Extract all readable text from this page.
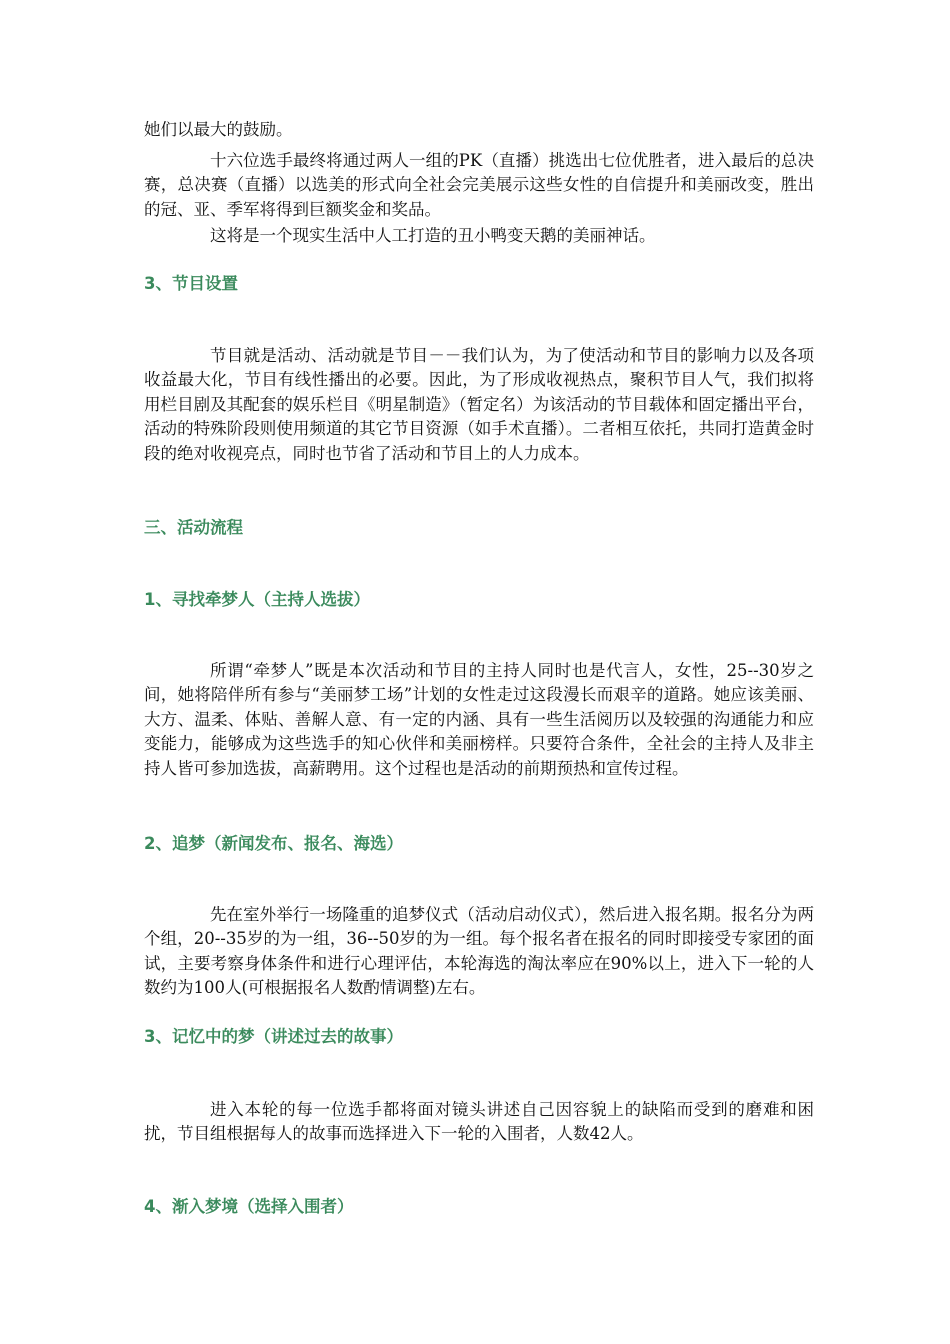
她们以最大的鼓励。

十六位选手最终将通过两人一组的PK（直播）挑选出七位优胜者，进入最后的总决赛，总决赛（直播）以选美的形式向全社会完美展示这些女性的自信提升和美丽改变，胜出的冠、亚、季军将得到巨额奖金和奖品。

这将是一个现实生活中人工打造的丑小鸭变天鹅的美丽神话。

3、节目设置

节目就是活动、活动就是节目－－我们认为，为了使活动和节目的影响力以及各项收益最大化，节目有线性播出的必要。因此，为了形成收视热点，聚积节目人气，我们拟将用栏目剧及其配套的娱乐栏目《明星制造》（暂定名）为该活动的节目载体和固定播出平台，活动的特殊阶段则使用频道的其它节目资源（如手术直播）。二者相互依托，共同打造黄金时段的绝对收视亮点，同时也节省了活动和节目上的人力成本。

三、活动流程
1、寻找牵梦人（主持人选拔）

所谓“牵梦人”既是本次活动和节目的主持人同时也是代言人，女性，25--30岁之间，她将陪伴所有参与“美丽梦工场”计划的女性走过这段漫长而艰辛的道路。她应该美丽、大方、温柔、体贴、善解人意、有一定的内涵、具有一些生活阅历以及较强的沟通能力和应变能力，能够成为这些选手的知心伙伴和美丽榜样。只要符合条件，全社会的主持人及非主持人皆可参加选拔，高薪聘用。这个过程也是活动的前期预热和宣传过程。

2、追梦（新闻发布、报名、海选）

先在室外举行一场隆重的追梦仪式（活动启动仪式），然后进入报名期。报名分为两个组，20--35岁的为一组，36--50岁的为一组。每个报名者在报名的同时即接受专家团的面试，主要考察身体条件和进行心理评估，本轮海选的淘汰率应在90%以上，进入下一轮的人数约为100人(可根据报名人数酌情调整)左右。

3、记忆中的梦（讲述过去的故事）

进入本轮的每一位选手都将面对镜头讲述自己因容貌上的缺陷而受到的磨难和困扰，节目组根据每人的故事而选择进入下一轮的入围者，人数42人。

4、渐入梦境（选择入围者）
